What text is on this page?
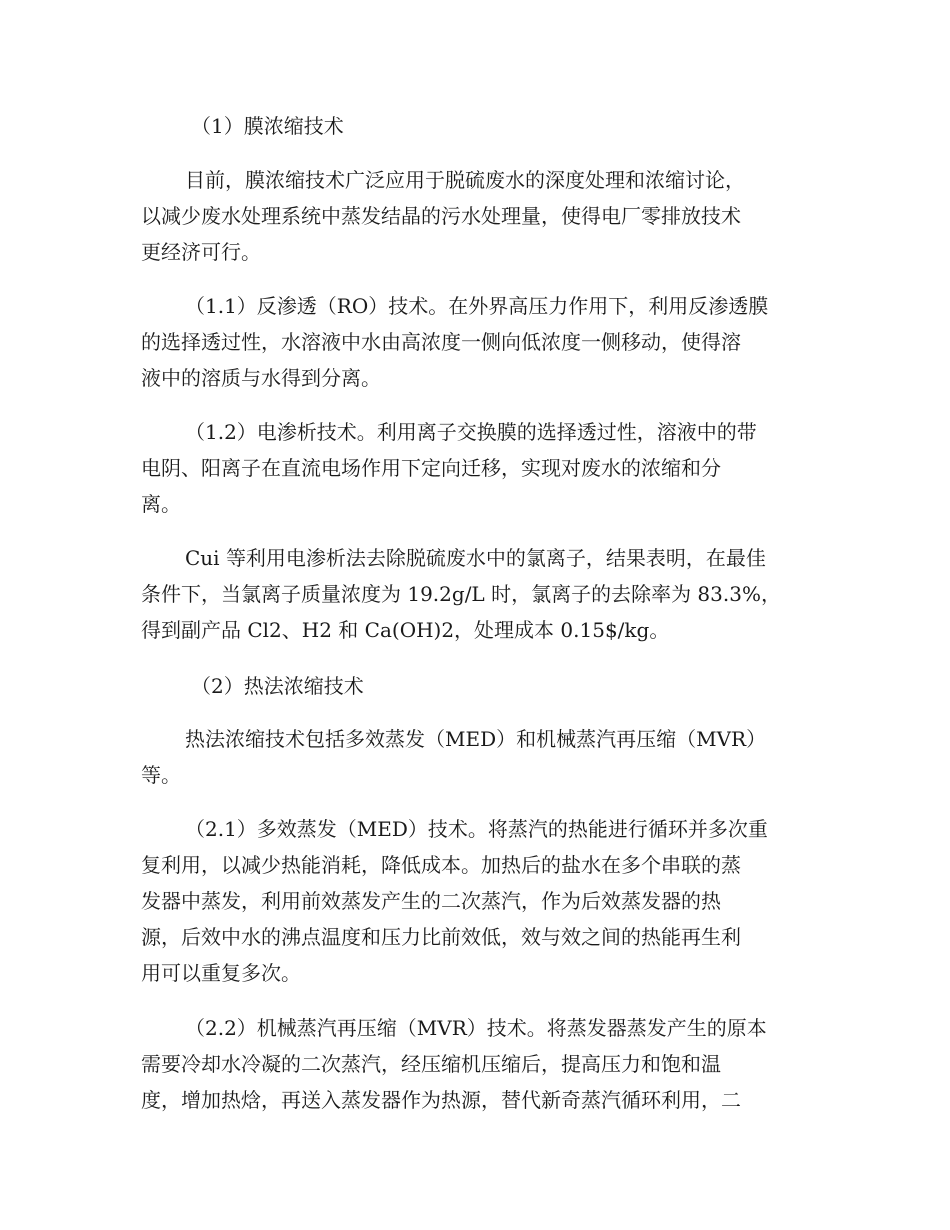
（1）膜浓缩技术
目前，膜浓缩技术广泛应用于脱硫废水的深度处理和浓缩讨论，
以减少废水处理系统中蒸发结晶的污水处理量，使得电厂零排放技术
更经济可行。
（1.1）反渗透（RO）技术。在外界高压力作用下，利用反渗透膜
的选择透过性，水溶液中水由高浓度一侧向低浓度一侧移动，使得溶
液中的溶质与水得到分离。
（1.2）电渗析技术。利用离子交换膜的选择透过性，溶液中的带
电阴、阳离子在直流电场作用下定向迁移，实现对废水的浓缩和分
离。
Cui 等利用电渗析法去除脱硫废水中的氯离子，结果表明，在最佳
条件下，当氯离子质量浓度为 19.2g/L 时，氯离子的去除率为 83.3%，
得到副产品 Cl2、H2 和 Ca(OH)2，处理成本 0.15$/kg。
（2）热法浓缩技术
热法浓缩技术包括多效蒸发（MED）和机械蒸汽再压缩（MVR）
等。
（2.1）多效蒸发（MED）技术。将蒸汽的热能进行循环并多次重
复利用，以减少热能消耗，降低成本。加热后的盐水在多个串联的蒸
发器中蒸发，利用前效蒸发产生的二次蒸汽，作为后效蒸发器的热
源，后效中水的沸点温度和压力比前效低，效与效之间的热能再生利
用可以重复多次。
（2.2）机械蒸汽再压缩（MVR）技术。将蒸发器蒸发产生的原本
需要冷却水冷凝的二次蒸汽，经压缩机压缩后，提高压力和饱和温
度，增加热焓，再送入蒸发器作为热源，替代新奇蒸汽循环利用，二
